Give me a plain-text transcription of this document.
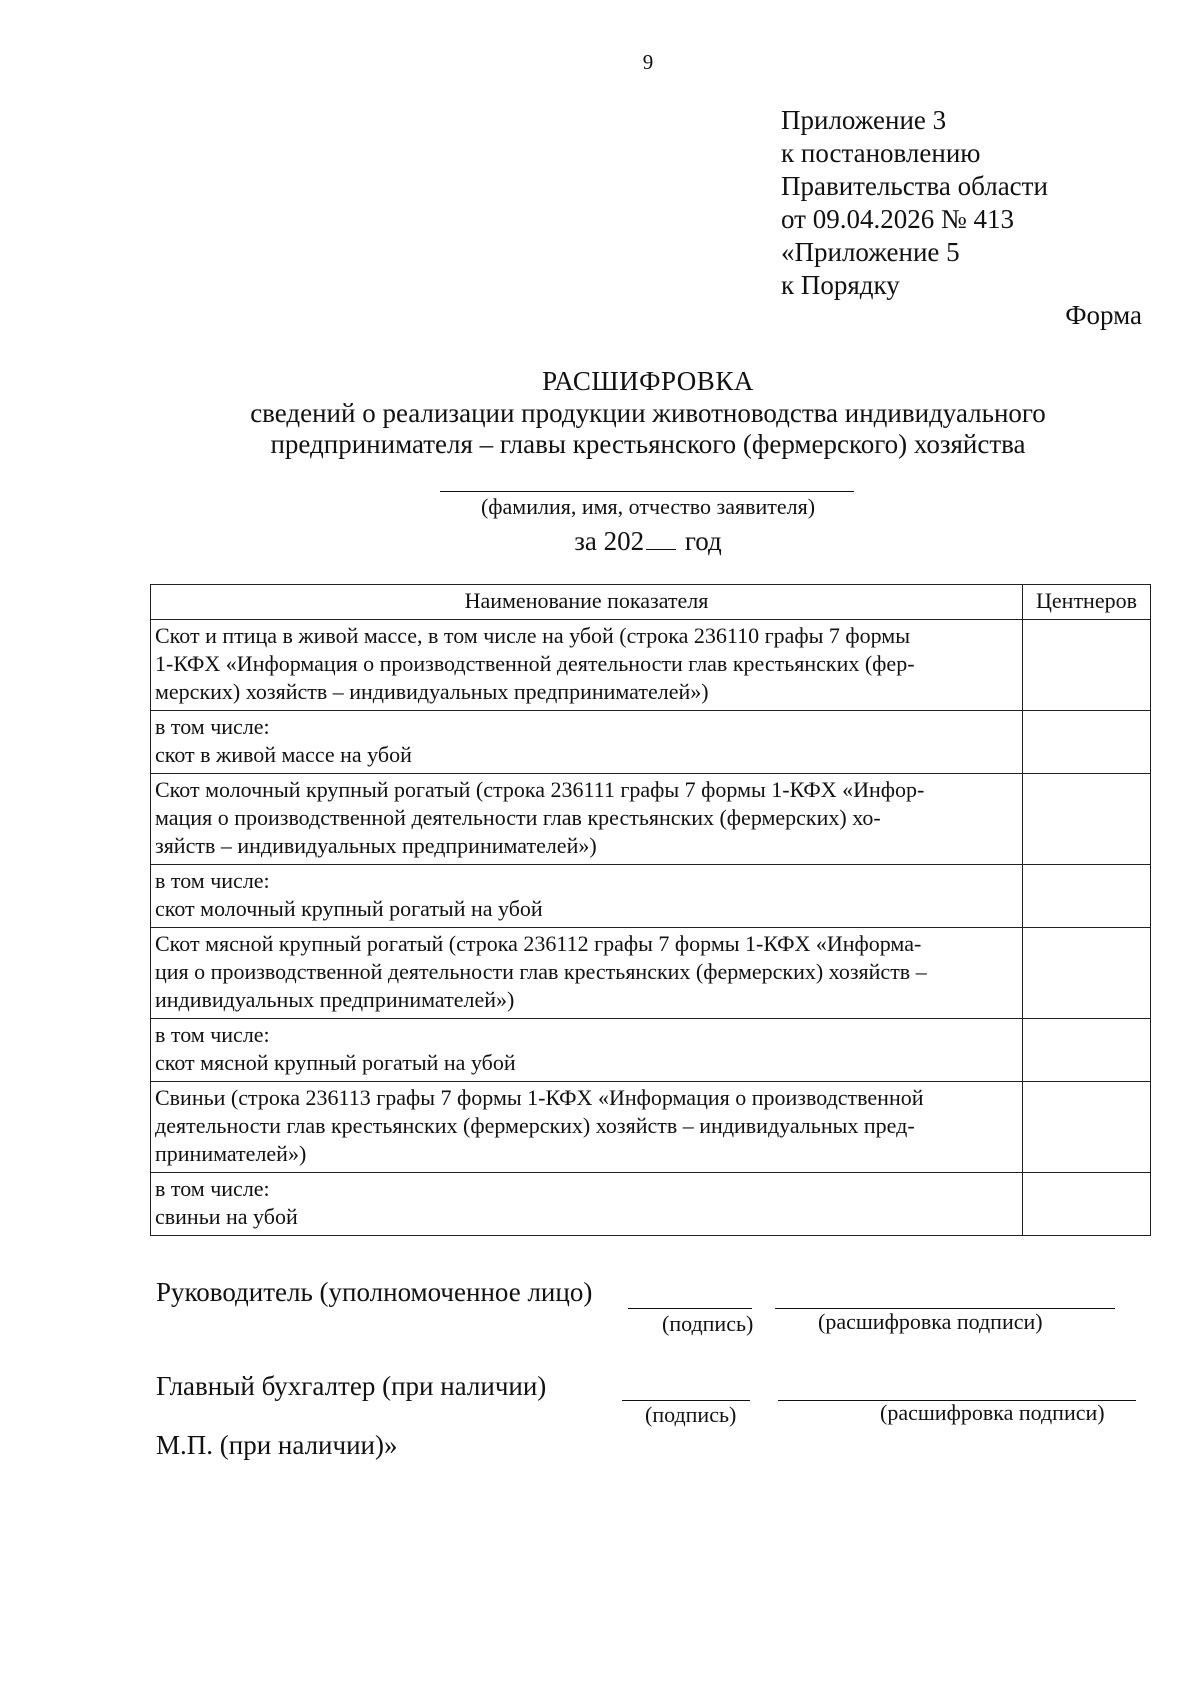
9
Приложение 3
к постановлению
Правительства области
от 09.04.2026 № 413
«Приложение 5
к Порядку
Форма
РАСШИФРОВКА
сведений о реализации продукции животноводства индивидуального
предпринимателя – главы крестьянского (фермерского) хозяйства
(фамилия, имя, отчество заявителя)
за 202 год
Наименование показателя	Центнеров

Скот и птица в живой массе, в том числе на убой (строка 236110 графы 7 формы
1-КФХ «Информация о производственной деятельности глав крестьянских (фер-
мерских) хозяйств – индивидуальных предпринимателей»)	

в том числе:
скот в живой массе на убой	

Скот молочный крупный рогатый (строка 236111 графы 7 формы 1-КФХ «Инфор-
мация о производственной деятельности глав крестьянских (фермерских) хо-
зяйств – индивидуальных предпринимателей»)	

в том числе:
скот молочный крупный рогатый на убой	

Скот мясной крупный рогатый (строка 236112 графы 7 формы 1-КФХ «Информа-
ция о производственной деятельности глав крестьянских (фермерских) хозяйств –
индивидуальных предпринимателей»)	

в том числе:
скот мясной крупный рогатый на убой	

Свиньи (строка 236113 графы 7 формы 1-КФХ «Информация о производственной
деятельности глав крестьянских (фермерских) хозяйств – индивидуальных пред-
принимателей»)	

в том числе:
свиньи на убой	

Руководитель (уполномоченное лицо)
(подпись)	(расшифровка подписи)
Главный бухгалтер (при наличии)
(подпись)	(расшифровка подписи)
М.П. (при наличии)»
